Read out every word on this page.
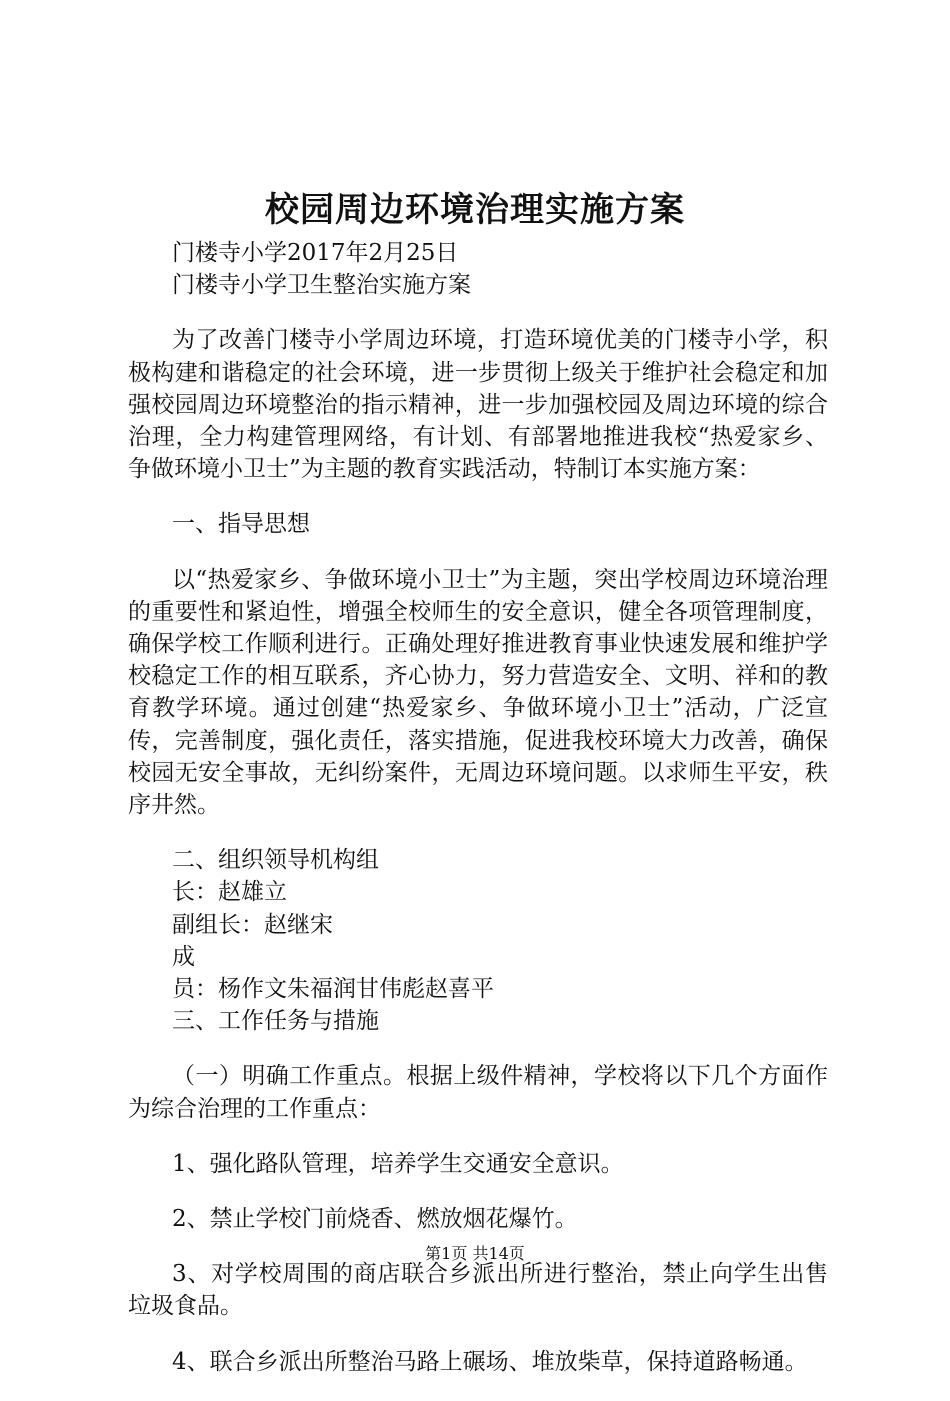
校园周边环境治理实施方案

门楼寺小学2017年2月25日

门楼寺小学卫生整治实施方案

为了改善门楼寺小学周边环境，打造环境优美的门楼寺小学，积极构建和谐稳定的社会环境，进一步贯彻上级关于维护社会稳定和加强校园周边环境整治的指示精神，进一步加强校园及周边环境的综合治理，全力构建管理网络，有计划、有部署地推进我校“热爱家乡、争做环境小卫士”为主题的教育实践活动，特制订本实施方案：

一、指导思想

以“热爱家乡、争做环境小卫士”为主题，突出学校周边环境治理的重要性和紧迫性，增强全校师生的安全意识，健全各项管理制度，确保学校工作顺利进行。正确处理好推进教育事业快速发展和维护学校稳定工作的相互联系，齐心协力，努力营造安全、文明、祥和的教育教学环境。通过创建“热爱家乡、争做环境小卫士”活动，广泛宣传，完善制度，强化责任，落实措施，促进我校环境大力改善，确保校园无安全事故，无纠纷案件，无周边环境问题。以求师生平安，秩序井然。

二、组织领导机构组

长：赵雄立

副组长：赵继宋

成

员：杨作文朱福润甘伟彪赵喜平

三、工作任务与措施

（一）明确工作重点。根据上级件精神，学校将以下几个方面作为综合治理的工作重点：

1、强化路队管理，培养学生交通安全意识。

2、禁止学校门前烧香、燃放烟花爆竹。

3、对学校周围的商店联合乡派出所进行整治，禁止向学生出售垃圾食品。

4、联合乡派出所整治马路上碾场、堆放柴草，保持道路畅通。

第1页 共14页
